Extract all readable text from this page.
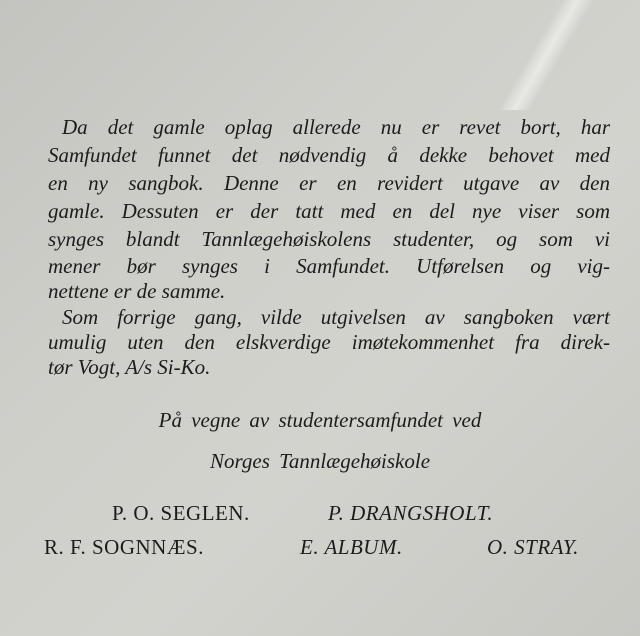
Da det gamle oplag allerede nu er revet bort, har
Samfundet funnet det nødvendig å dekke behovet med
en ny sangbok. Denne er en revidert utgave av den
gamle. Dessuten er der tatt med en del nye viser som
synges blandt Tannlægehøiskolens studenter, og som vi
mener bør synges i Samfundet. Utførelsen og vig-
nettene er de samme.
Som forrige gang, vilde utgivelsen av sangboken vært
umulig uten den elskverdige imøtekommenhet fra direk-
tør Vogt, A/s Si-Ko.
På vegne av studentersamfundet ved
Norges Tannlægehøiskole
P. O. SEGLEN.	P. DRANGSHOLT.
R. F. SOGNNÆS.	E. ALBUM.	O. STRAY.
